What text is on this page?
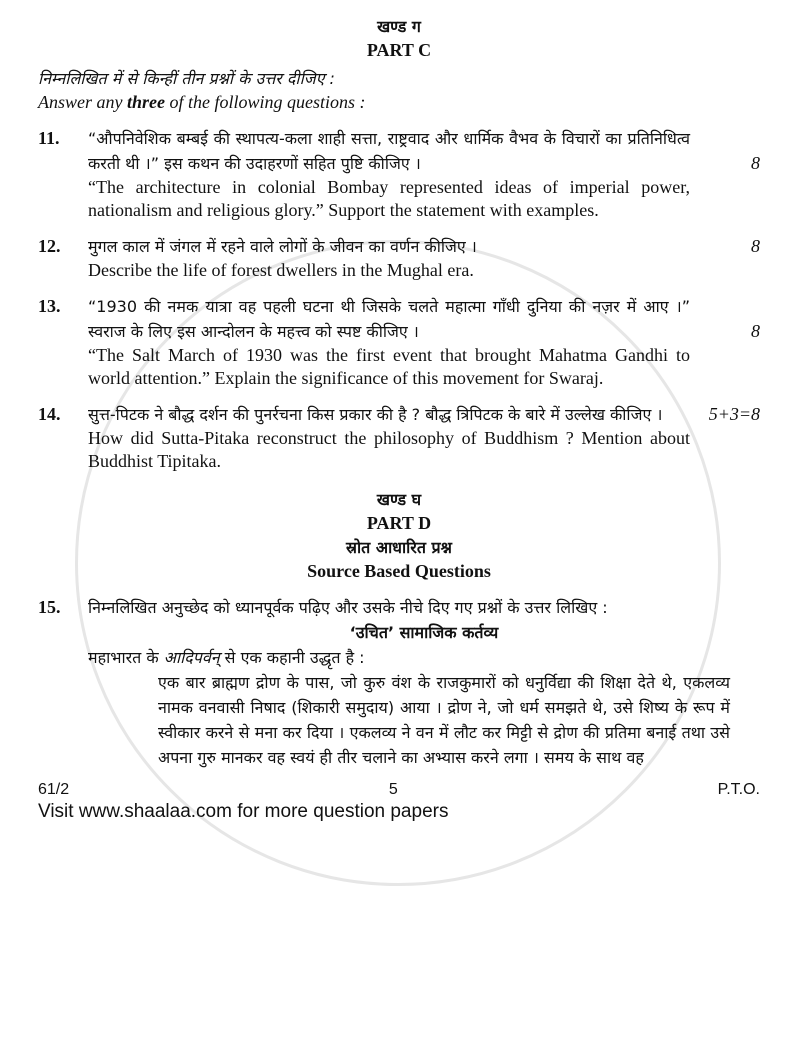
खण्ड ग
PART C
निम्नलिखित में से किन्हीं तीन प्रश्नों के उत्तर दीजिए :
Answer any three of the following questions :
11.	“औपनिवेशिक बम्बई की स्थापत्य-कला शाही सत्ता, राष्ट्रवाद और धार्मिक वैभव के विचारों का प्रतिनिधित्व करती थी ।” इस कथन की उदाहरणों सहित पुष्टि कीजिए ।	8
“The architecture in colonial Bombay represented ideas of imperial power, nationalism and religious glory.” Support the statement with examples.
12.	मुगल काल में जंगल में रहने वाले लोगों के जीवन का वर्णन कीजिए ।	8
Describe the life of forest dwellers in the Mughal era.
13.	“1930 की नमक यात्रा वह पहली घटना थी जिसके चलते महात्मा गाँधी दुनिया की नज़र में आए ।” स्वराज के लिए इस आन्दोलन के महत्त्व को स्पष्ट कीजिए ।	8
“The Salt March of 1930 was the first event that brought Mahatma Gandhi to world attention.” Explain the significance of this movement for Swaraj.
14.	सुत्त-पिटक ने बौद्ध दर्शन की पुनर्रचना किस प्रकार की है ? बौद्ध त्रिपिटक के बारे में उल्लेख कीजिए ।	5+3=8
How did Sutta-Pitaka reconstruct the philosophy of Buddhism ? Mention about Buddhist Tipitaka.
खण्ड घ
PART D
स्रोत आधारित प्रश्न
Source Based Questions
15.	निम्नलिखित अनुच्छेद को ध्यानपूर्वक पढ़िए और उसके नीचे दिए गए प्रश्नों के उत्तर लिखिए :
‘उचित’ सामाजिक कर्तव्य
महाभारत के आदिपर्वन् से एक कहानी उद्धृत है :
एक बार ब्राह्मण द्रोण के पास, जो कुरु वंश के राजकुमारों को धनुर्विद्या की शिक्षा देते थे, एकलव्य नामक वनवासी निषाद (शिकारी समुदाय) आया । द्रोण ने, जो धर्म समझते थे, उसे शिष्य के रूप में स्वीकार करने से मना कर दिया । एकलव्य ने वन में लौट कर मिट्टी से द्रोण की प्रतिमा बनाई तथा उसे अपना गुरु मानकर वह स्वयं ही तीर चलाने का अभ्यास करने लगा । समय के साथ वह
61/2	5	P.T.O.
Visit www.shaalaa.com for more question papers
